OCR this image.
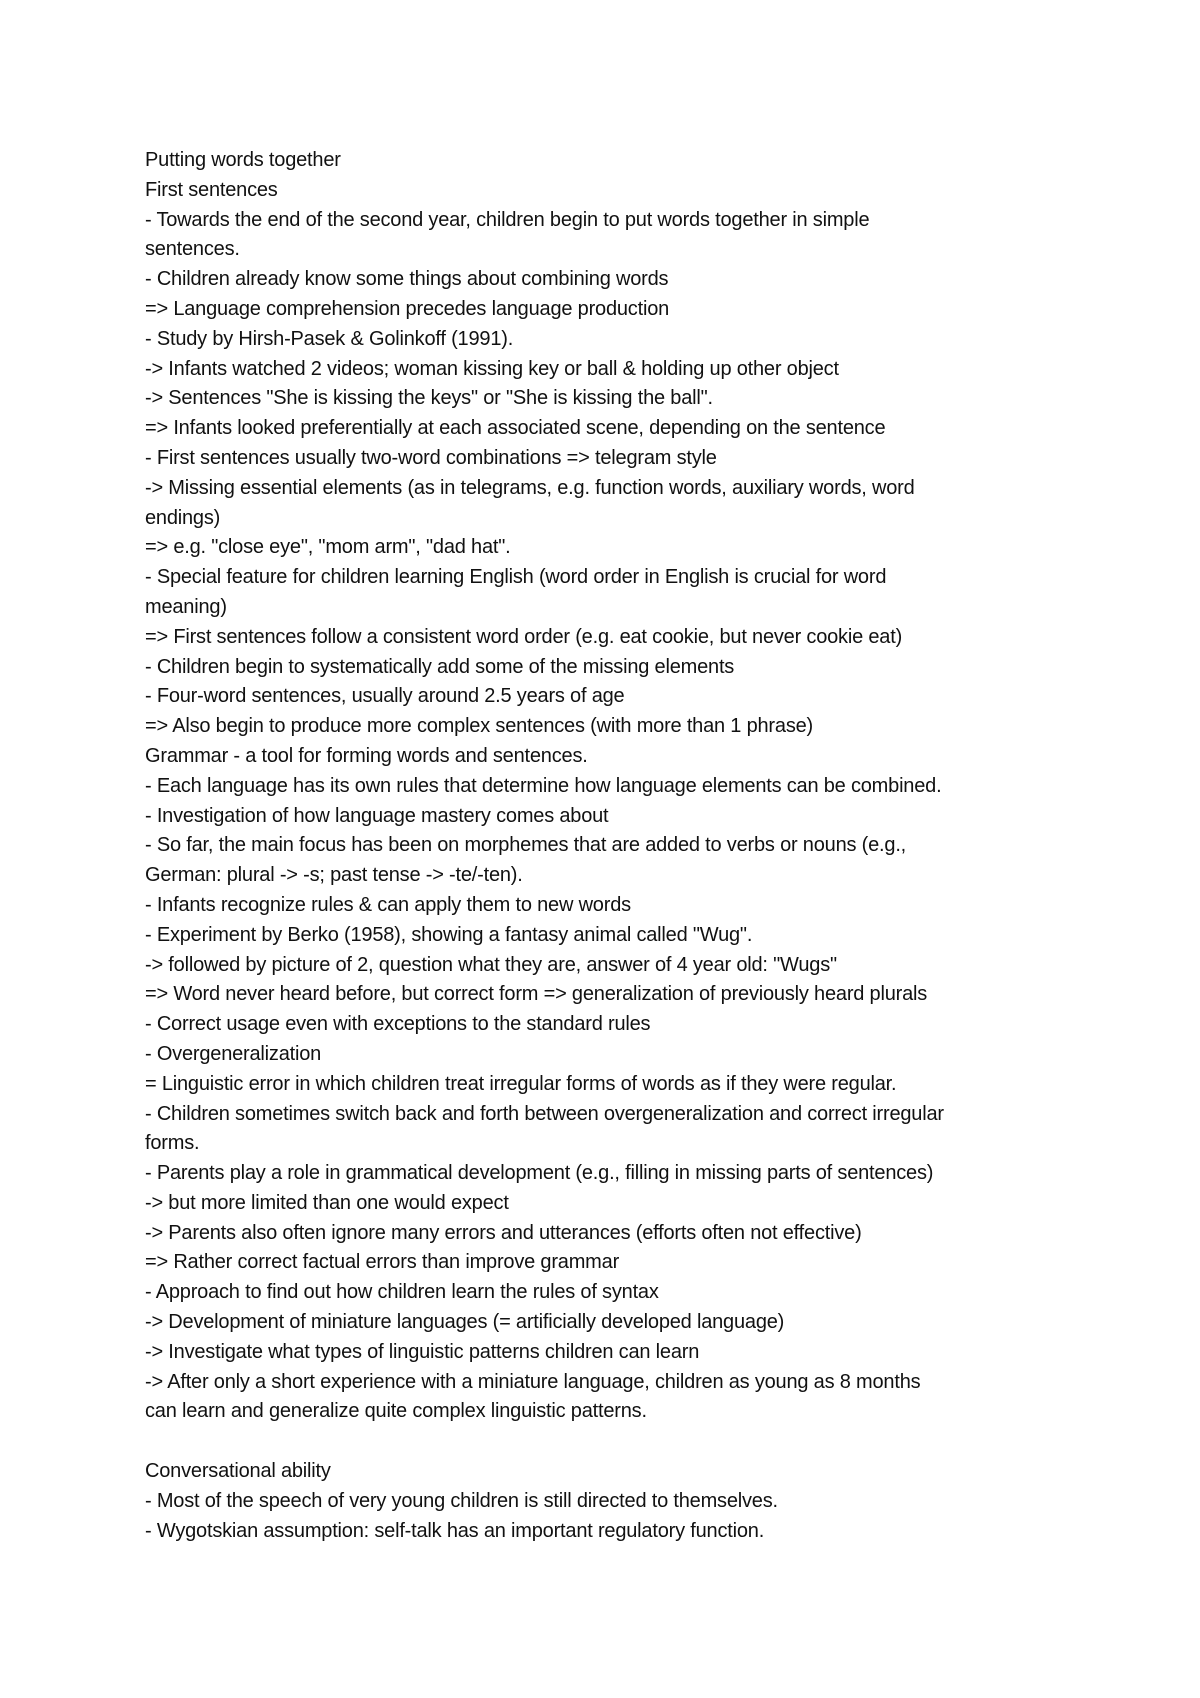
Putting words together

First sentences

- Towards the end of the second year, children begin to put words together in simple

sentences.

- Children already know some things about combining words

=> Language comprehension precedes language production

- Study by Hirsh-Pasek & Golinkoff (1991).

-> Infants watched 2 videos; woman kissing key or ball & holding up other object

-> Sentences "She is kissing the keys" or "She is kissing the ball".

=> Infants looked preferentially at each associated scene, depending on the sentence

- First sentences usually two-word combinations => telegram style

-> Missing essential elements (as in telegrams, e.g. function words, auxiliary words, word

endings)

=> e.g. "close eye", "mom arm", "dad hat".

- Special feature for children learning English (word order in English is crucial for word

meaning)

=> First sentences follow a consistent word order (e.g. eat cookie, but never cookie eat)

- Children begin to systematically add some of the missing elements

- Four-word sentences, usually around 2.5 years of age

=> Also begin to produce more complex sentences (with more than 1 phrase)

Grammar - a tool for forming words and sentences.

- Each language has its own rules that determine how language elements can be combined.

- Investigation of how language mastery comes about

- So far, the main focus has been on morphemes that are added to verbs or nouns (e.g.,

German: plural -> -s; past tense -> -te/-ten).

- Infants recognize rules & can apply them to new words

- Experiment by Berko (1958), showing a fantasy animal called "Wug".

-> followed by picture of 2, question what they are, answer of 4 year old: "Wugs"

=> Word never heard before, but correct form => generalization of previously heard plurals

- Correct usage even with exceptions to the standard rules

- Overgeneralization

= Linguistic error in which children treat irregular forms of words as if they were regular.

- Children sometimes switch back and forth between overgeneralization and correct irregular

forms.

- Parents play a role in grammatical development (e.g., filling in missing parts of sentences)

-> but more limited than one would expect

-> Parents also often ignore many errors and utterances (efforts often not effective)

=> Rather correct factual errors than improve grammar

- Approach to find out how children learn the rules of syntax

-> Development of miniature languages (= artificially developed language)

-> Investigate what types of linguistic patterns children can learn

-> After only a short experience with a miniature language, children as young as 8 months

can learn and generalize quite complex linguistic patterns.

Conversational ability

- Most of the speech of very young children is still directed to themselves.

- Wygotskian assumption: self-talk has an important regulatory function.
